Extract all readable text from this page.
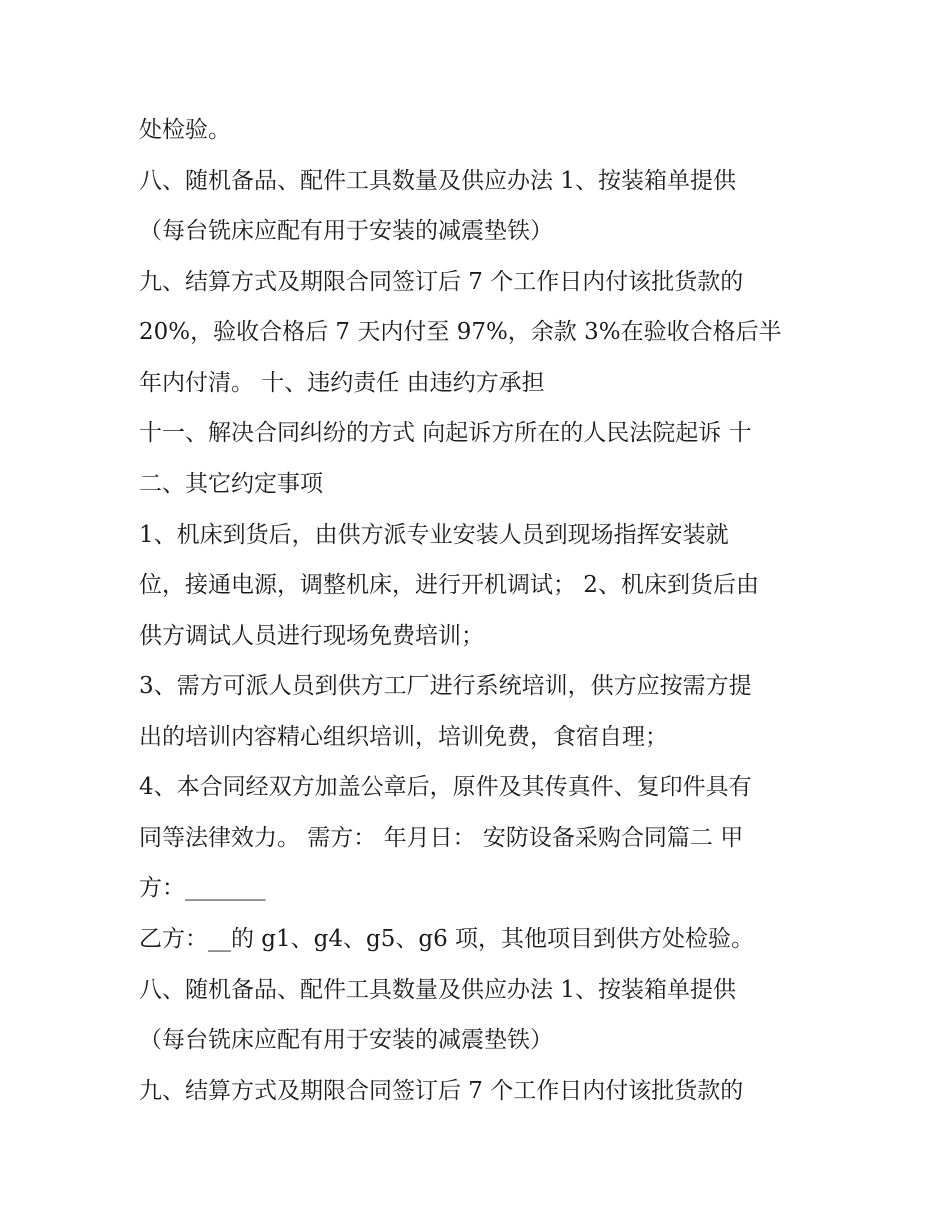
处检验。
八、随机备品、配件工具数量及供应办法 1、按装箱单提供
（每台铣床应配有用于安装的减震垫铁）
九、结算方式及期限合同签订后 7 个工作日内付该批货款的
20%，验收合格后 7 天内付至 97%，余款 3%在验收合格后半
年内付清。 十、违约责任 由违约方承担
十一、解决合同纠纷的方式 向起诉方所在的人民法院起诉 十
二、其它约定事项
1、机床到货后，由供方派专业安装人员到现场指挥安装就
位，接通电源，调整机床，进行开机调试； 2、机床到货后由
供方调试人员进行现场免费培训；
3、需方可派人员到供方工厂进行系统培训，供方应按需方提
出的培训内容精心组织培训，培训免费，食宿自理；
4、本合同经双方加盖公章后，原件及其传真件、复印件具有
同等法律效力。 需方： 年月日： 安防设备采购合同篇二 甲
方：_______
乙方：__的 g1、g4、g5、g6 项，其他项目到供方处检验。
八、随机备品、配件工具数量及供应办法 1、按装箱单提供
（每台铣床应配有用于安装的减震垫铁）
九、结算方式及期限合同签订后 7 个工作日内付该批货款的
